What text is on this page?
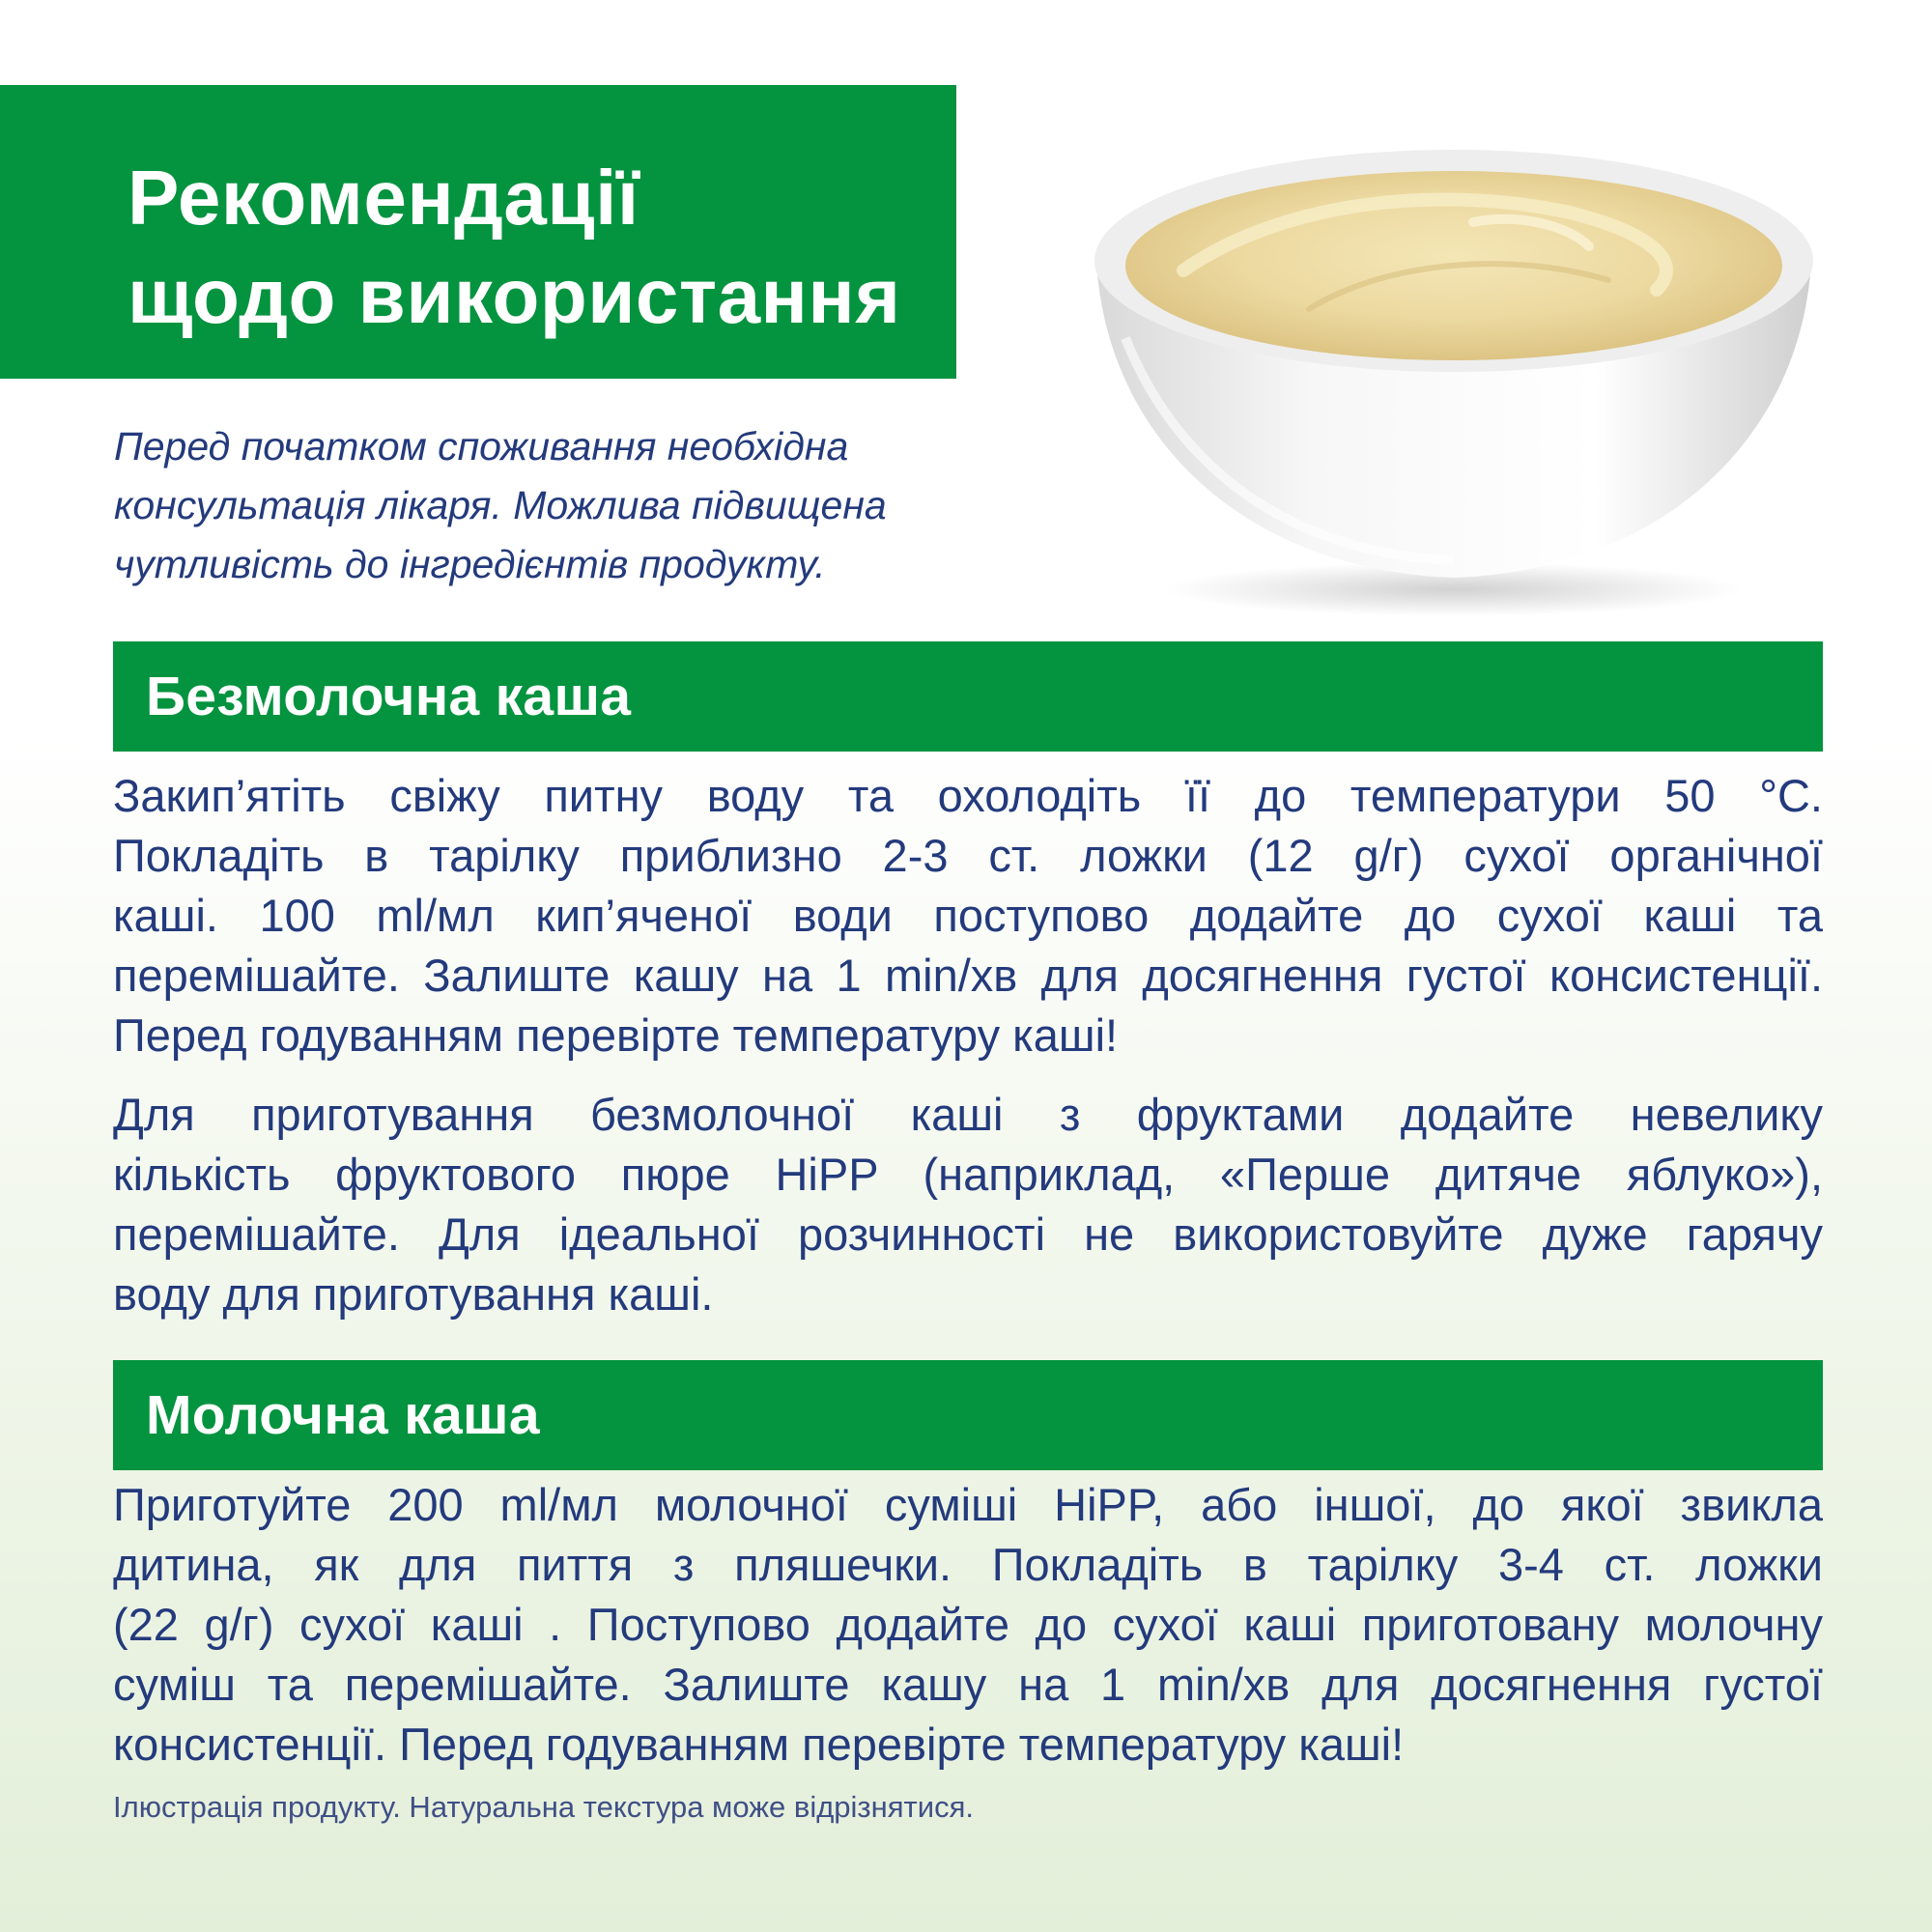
Рекомендації
щодо використання
Перед початком споживання необхідна
консультація лікаря. Можлива підвищена
чутливість до інгредієнтів продукту.
Безмолочна каша
Закип’ятіть свіжу питну воду та охолодіть її до температури 50 °C.
Покладіть в тарілку приблизно 2-3 ст. ложки (12 g/г) сухої органічної
каші. 100 ml/мл кип’яченої води поступово додайте до сухої каші та
перемішайте. Залиште кашу на 1 min/хв для досягнення густої консистенції.
Перед годуванням перевірте температуру каші!
Для приготування безмолочної каші з фруктами додайте невелику
кількість фруктового пюре HiPP (наприклад, «Перше дитяче яблуко»),
перемішайте. Для ідеальної розчинності не використовуйте дуже гарячу
воду для приготування каші.
Молочна каша
Приготуйте 200 ml/мл молочної суміші HiPP, або іншої, до якої звикла
дитина, як для пиття з пляшечки. Покладіть в тарілку 3-4 ст. ложки
(22 g/г) сухої каші . Поступово додайте до сухої каші приготовану молочну
суміш та перемішайте. Залиште кашу на 1 min/хв для досягнення густої
консистенції. Перед годуванням перевірте температуру каші!
Ілюстрація продукту. Натуральна текстура може відрізнятися.
